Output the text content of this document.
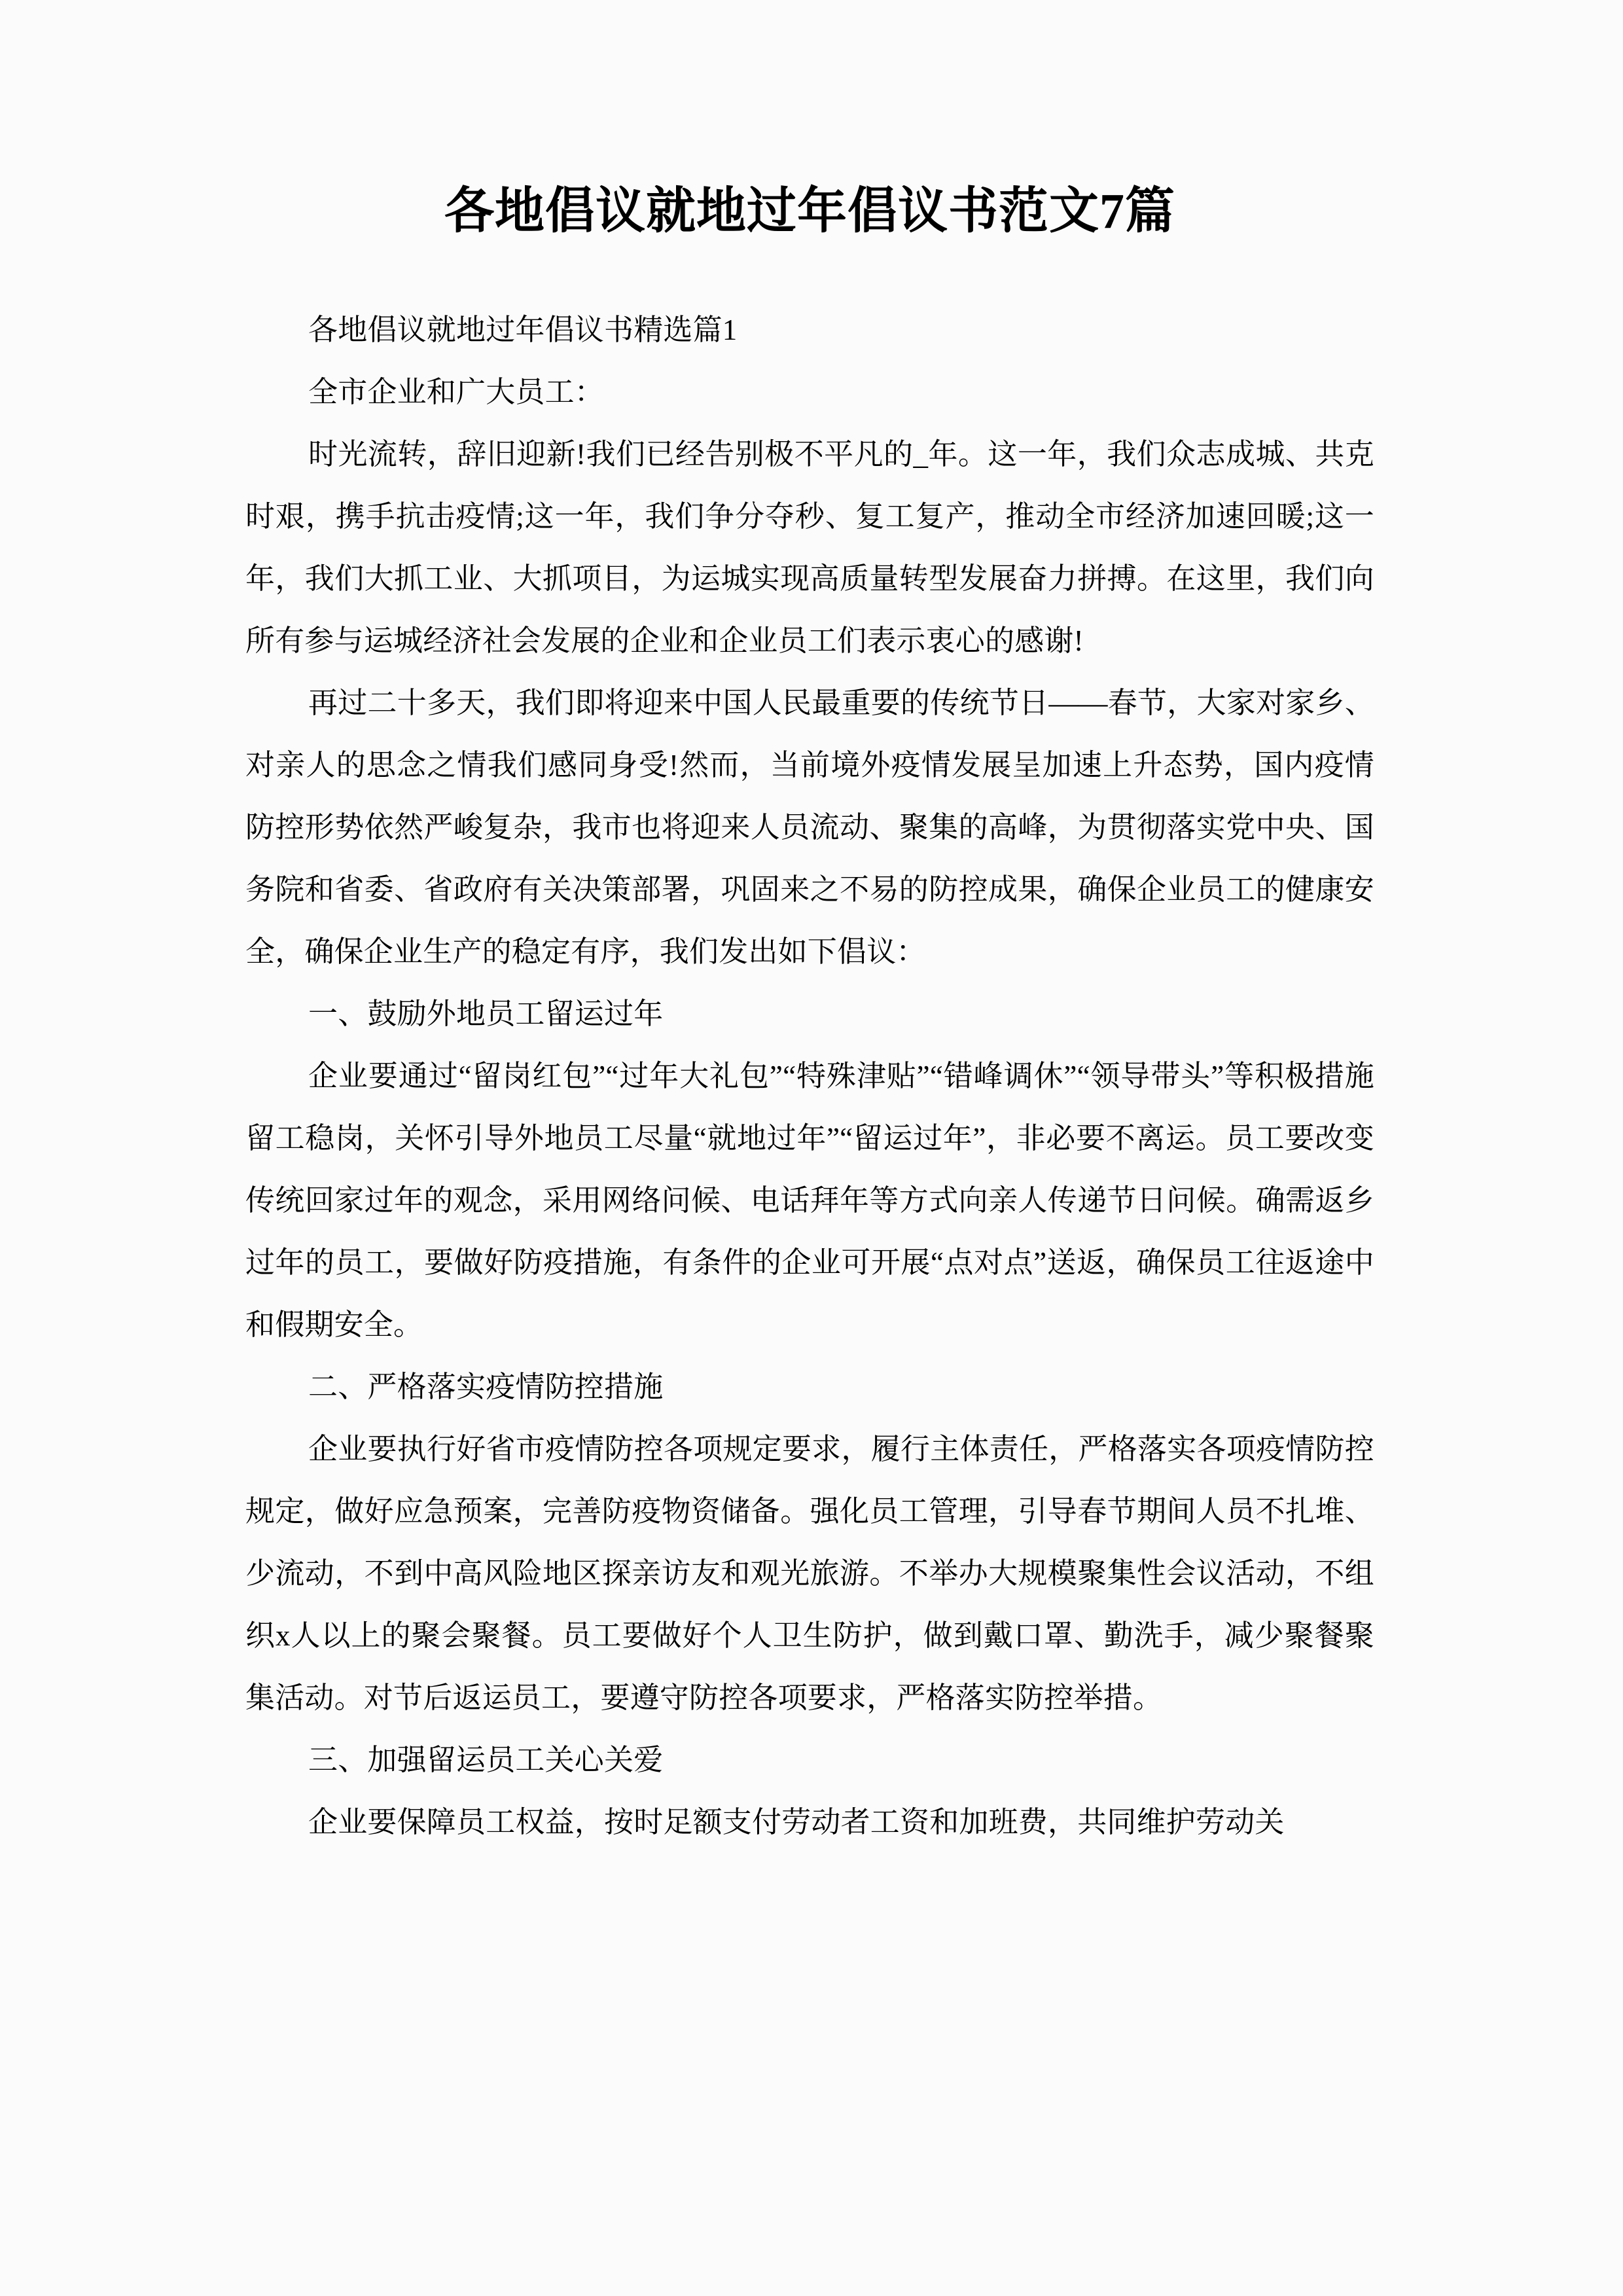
各地倡议就地过年倡议书范文7篇

各地倡议就地过年倡议书精选篇1

全市企业和广大员工：

时光流转，辞旧迎新!我们已经告别极不平凡的_年。这一年，我们众志成城、共克时艰，携手抗击疫情;这一年，我们争分夺秒、复工复产，推动全市经济加速回暖;这一年，我们大抓工业、大抓项目，为运城实现高质量转型发展奋力拼搏。在这里，我们向所有参与运城经济社会发展的企业和企业员工们表示衷心的感谢!

再过二十多天，我们即将迎来中国人民最重要的传统节日——春节，大家对家乡、对亲人的思念之情我们感同身受!然而，当前境外疫情发展呈加速上升态势，国内疫情防控形势依然严峻复杂，我市也将迎来人员流动、聚集的高峰，为贯彻落实党中央、国务院和省委、省政府有关决策部署，巩固来之不易的防控成果，确保企业员工的健康安全，确保企业生产的稳定有序，我们发出如下倡议：

一、鼓励外地员工留运过年

企业要通过“留岗红包”“过年大礼包”“特殊津贴”“错峰调休”“领导带头”等积极措施留工稳岗，关怀引导外地员工尽量“就地过年”“留运过年”，非必要不离运。员工要改变传统回家过年的观念，采用网络问候、电话拜年等方式向亲人传递节日问候。确需返乡过年的员工，要做好防疫措施，有条件的企业可开展“点对点”送返，确保员工往返途中和假期安全。

二、严格落实疫情防控措施

企业要执行好省市疫情防控各项规定要求，履行主体责任，严格落实各项疫情防控规定，做好应急预案，完善防疫物资储备。强化员工管理，引导春节期间人员不扎堆、少流动，不到中高风险地区探亲访友和观光旅游。不举办大规模聚集性会议活动，不组织x人以上的聚会聚餐。员工要做好个人卫生防护，做到戴口罩、勤洗手，减少聚餐聚集活动。对节后返运员工，要遵守防控各项要求，严格落实防控举措。

三、加强留运员工关心关爱

企业要保障员工权益，按时足额支付劳动者工资和加班费，共同维护劳动关
